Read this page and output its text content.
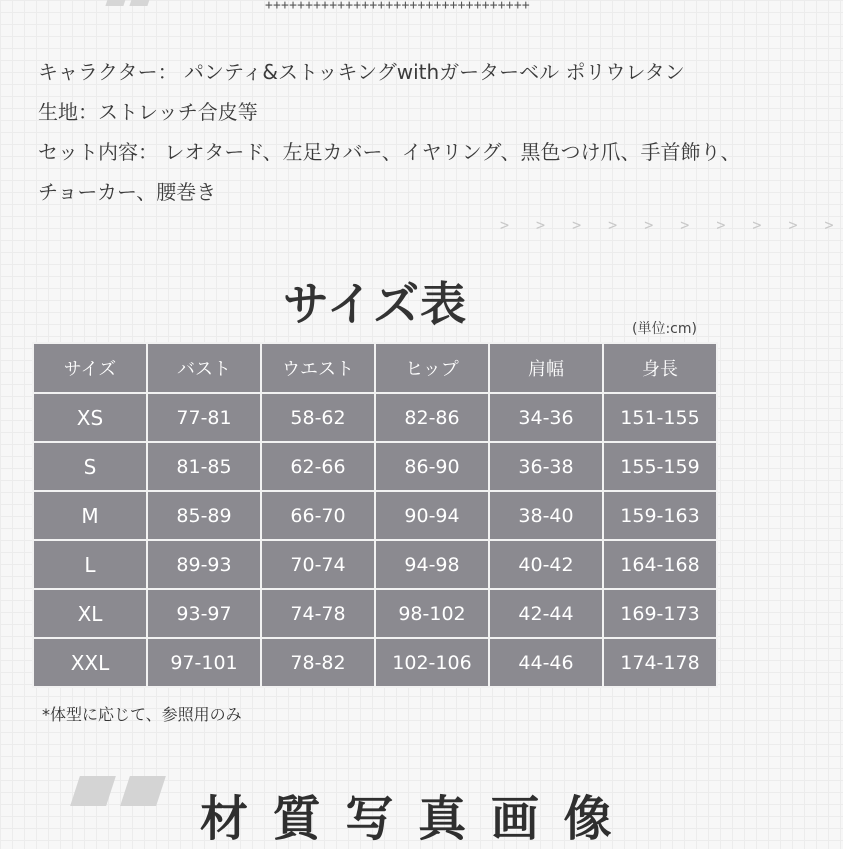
+++++++++++++++++++++++++++++++++
キャラクター： パンティ&ストッキングwithガーターベル ポリウレタン
生地：ストレッチ合皮等
セット内容： レオタード、左足カバー、イヤリング、黒色つけ爪、手首飾り、
チョーカー、腰巻き
> > > > > > > > > >
サイズ表	(単位:cm)
サイズ	バスト	ウエスト	ヒップ	肩幅	身長
XS	77-81	58-62	82-86	34-36	151-155
S	81-85	62-66	86-90	36-38	155-159
M	85-89	66-70	90-94	38-40	159-163
L	89-93	70-74	94-98	40-42	164-168
XL	93-97	74-78	98-102	42-44	169-173
XXL	97-101	78-82	102-106	44-46	174-178
*体型に応じて、参照用のみ
材 質 写 真 画 像
